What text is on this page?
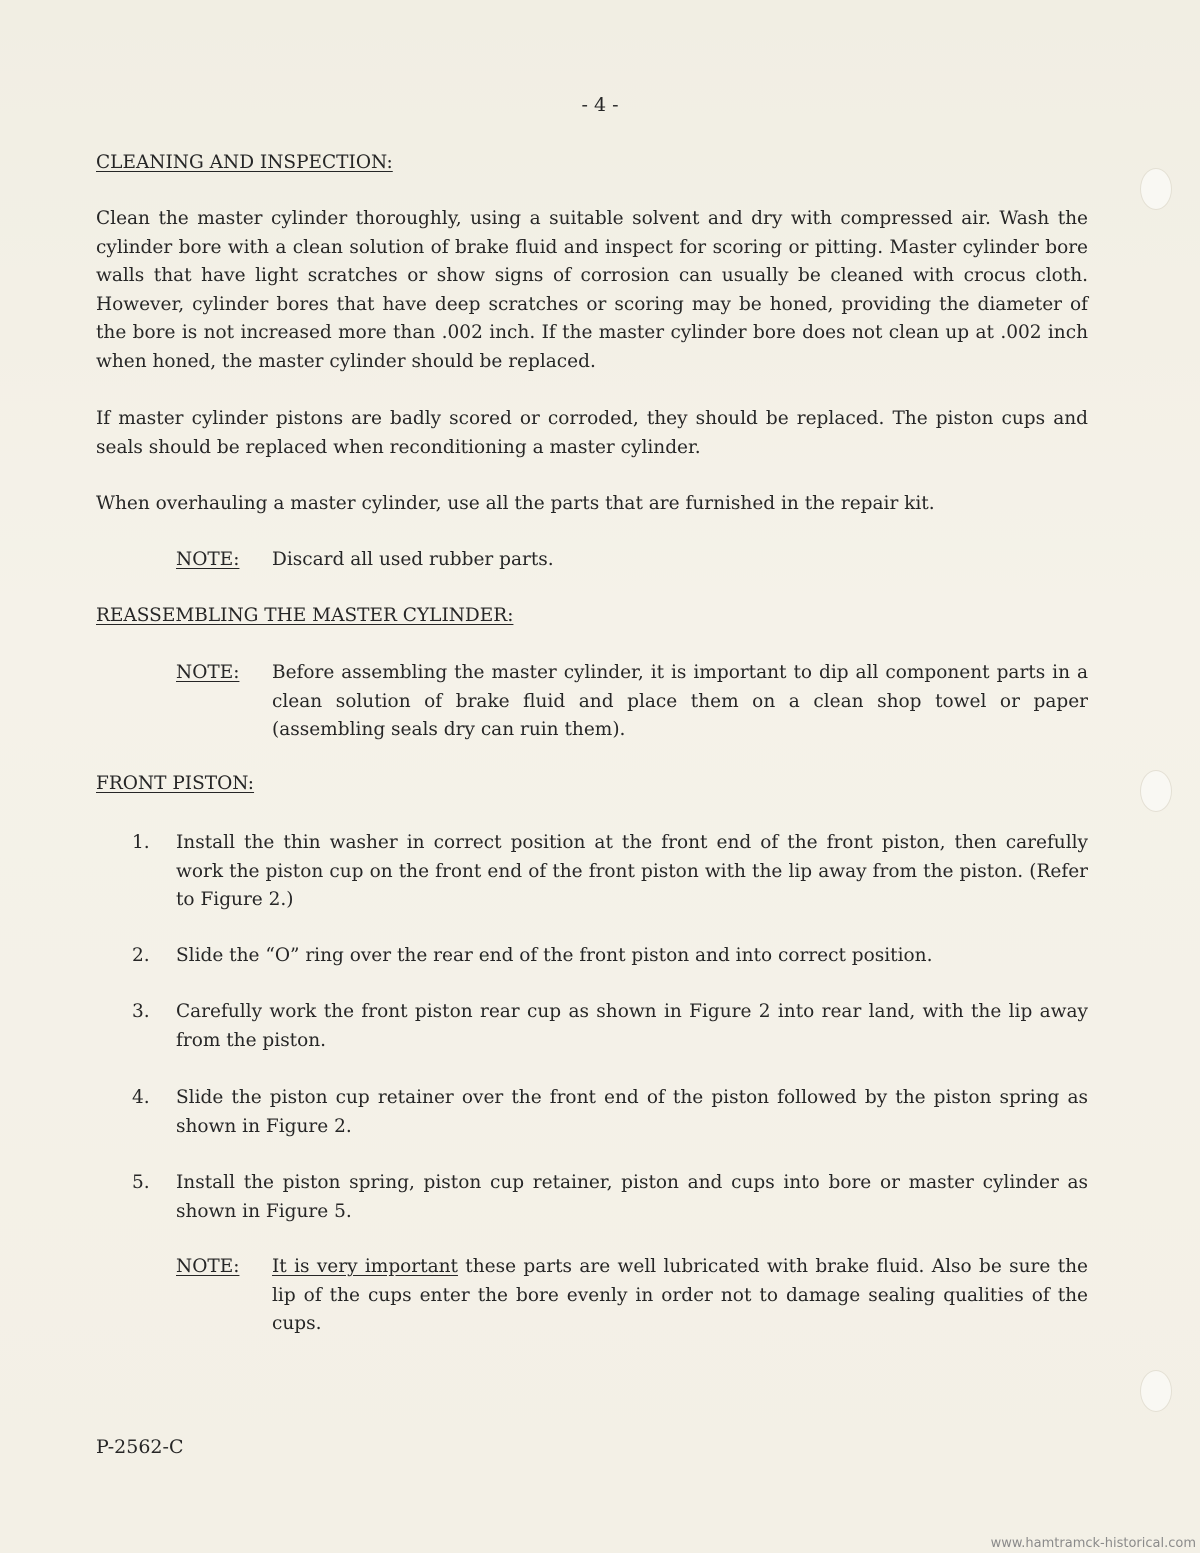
- 4 -
CLEANING AND INSPECTION:
Clean the master cylinder thoroughly, using a suitable solvent and dry with compressed air. Wash the cylinder bore with a clean solution of brake fluid and inspect for scoring or pitting. Master cylinder bore walls that have light scratches or show signs of corrosion can usually be cleaned with crocus cloth. However, cylinder bores that have deep scratches or scoring may be honed, providing the diameter of the bore is not increased more than .002 inch. If the master cylinder bore does not clean up at .002 inch when honed, the master cylinder should be replaced.
If master cylinder pistons are badly scored or corroded, they should be replaced. The piston cups and seals should be replaced when reconditioning a master cylinder.
When overhauling a master cylinder, use all the parts that are furnished in the repair kit.
NOTE: Discard all used rubber parts.
REASSEMBLING THE MASTER CYLINDER:
NOTE: Before assembling the master cylinder, it is important to dip all component parts in a clean solution of brake fluid and place them on a clean shop towel or paper (assembling seals dry can ruin them).
FRONT PISTON:
1. Install the thin washer in correct position at the front end of the front piston, then carefully work the piston cup on the front end of the front piston with the lip away from the piston. (Refer to Figure 2.)
2. Slide the “O” ring over the rear end of the front piston and into correct position.
3. Carefully work the front piston rear cup as shown in Figure 2 into rear land, with the lip away from the piston.
4. Slide the piston cup retainer over the front end of the piston followed by the piston spring as shown in Figure 2.
5. Install the piston spring, piston cup retainer, piston and cups into bore or master cylinder as shown in Figure 5.
NOTE: It is very important these parts are well lubricated with brake fluid. Also be sure the lip of the cups enter the bore evenly in order not to damage sealing qualities of the cups.
P-2562-C
www.hamtramck-historical.com
